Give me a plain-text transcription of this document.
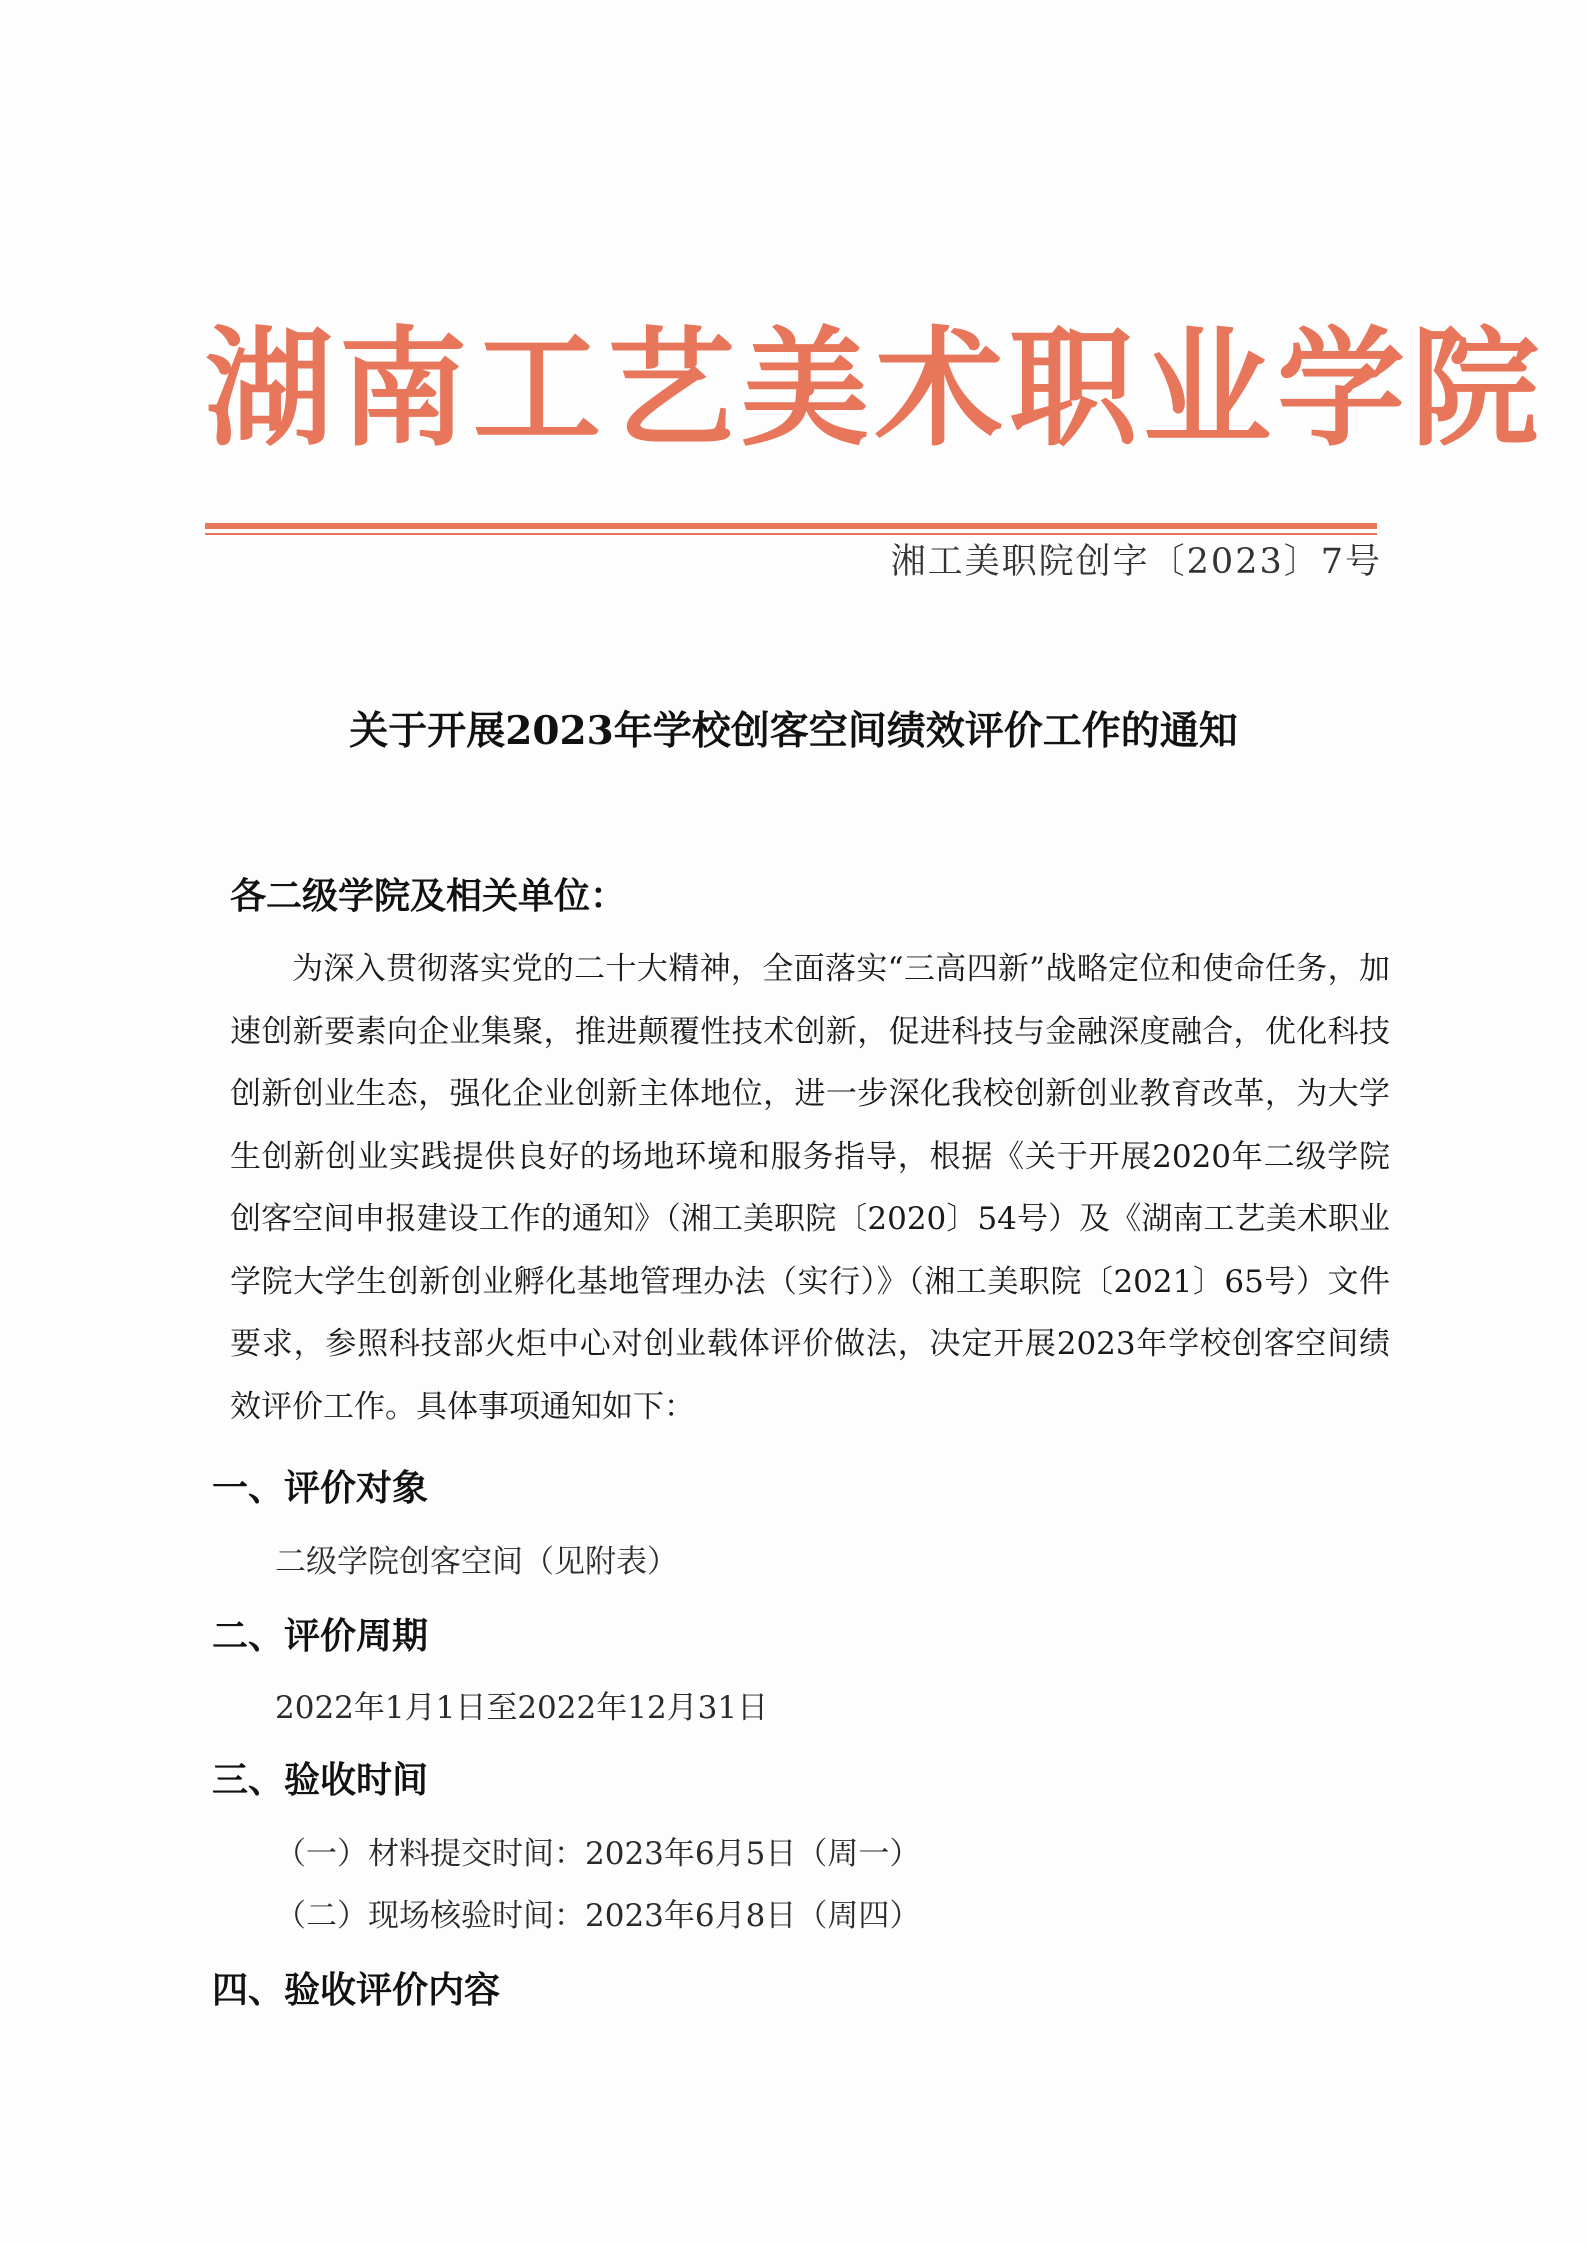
湖南工艺美术职业学院
湘工美职院创字〔2023〕7号
关于开展2023年学校创客空间绩效评价工作的通知
各二级学院及相关单位：
为深入贯彻落实党的二十大精神，全面落实“三高四新”战略定位和使命任务，加速创新要素向企业集聚，推进颠覆性技术创新，促进科技与金融深度融合，优化科技创新创业生态，强化企业创新主体地位，进一步深化我校创新创业教育改革，为大学生创新创业实践提供良好的场地环境和服务指导，根据《关于开展2020年二级学院创客空间申报建设工作的通知》（湘工美职院〔2020〕54号）及《湖南工艺美术职业学院大学生创新创业孵化基地管理办法（实行）》（湘工美职院〔2021〕65号）文件要求，参照科技部火炬中心对创业载体评价做法，决定开展2023年学校创客空间绩效评价工作。具体事项通知如下：
一、评价对象
二级学院创客空间（见附表）
二、评价周期
2022年1月1日至2022年12月31日
三、验收时间
（一）材料提交时间：2023年6月5日（周一）
（二）现场核验时间：2023年6月8日（周四）
四、验收评价内容
